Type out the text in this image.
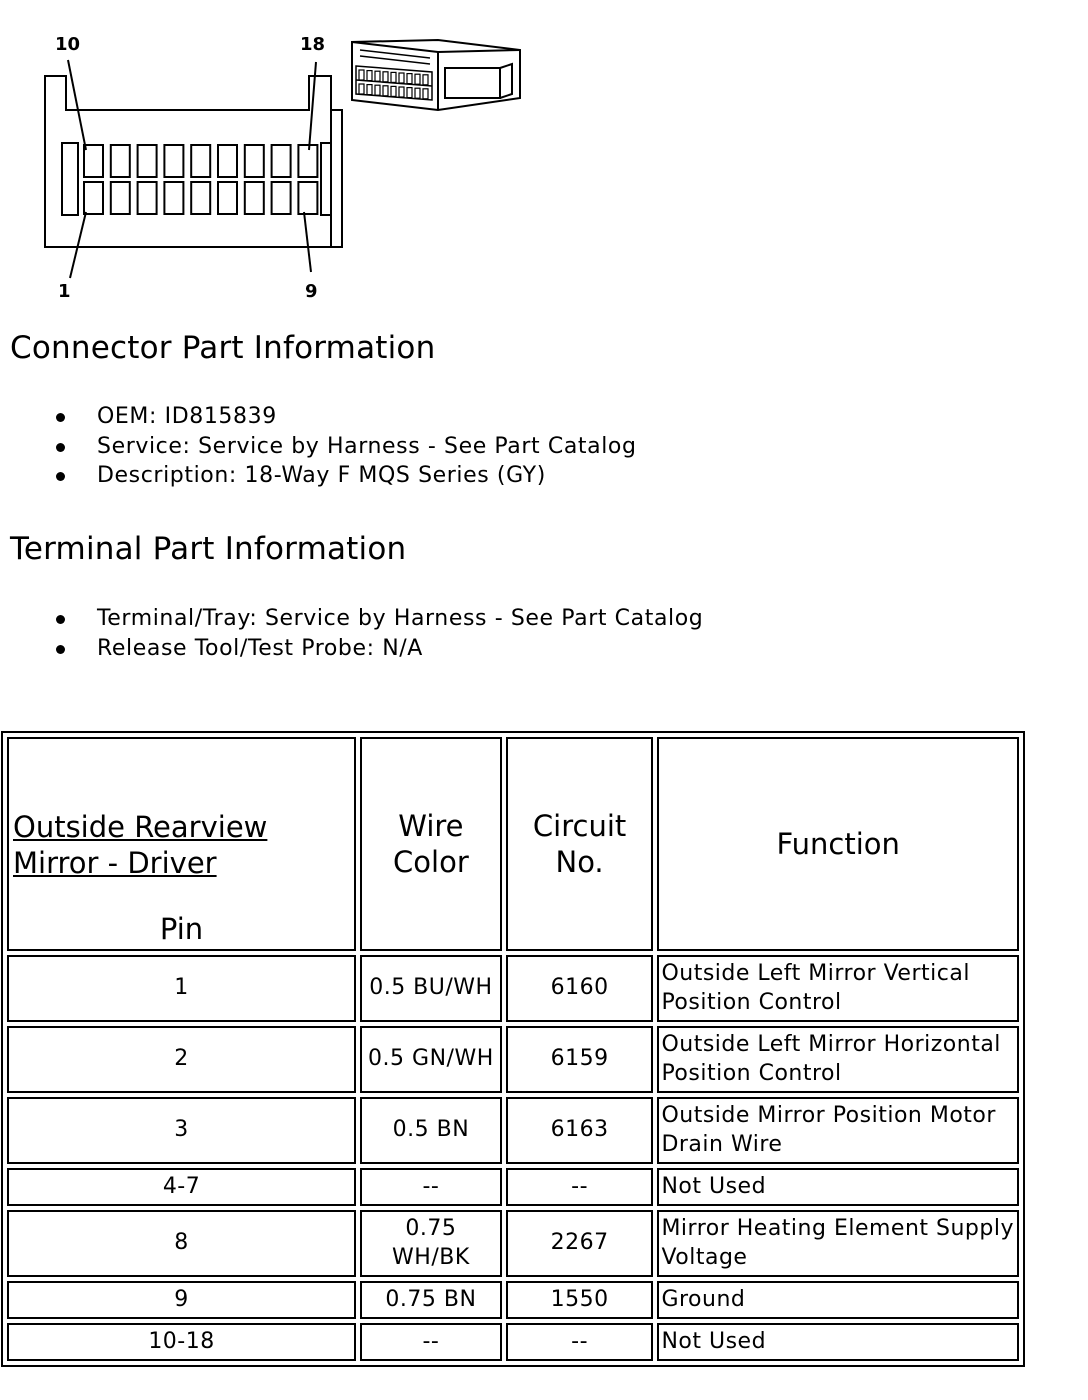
10	18
1	9
Connector Part Information
OEM: ID815839
Service: Service by Harness - See Part Catalog
Description: 18-Way F MQS Series (GY)
Terminal Part Information
Terminal/Tray: Service by Harness - See Part Catalog
Release Tool/Test Probe: N/A
Outside Rearview Mirror - Driver
Pin	Wire Color	Circuit No.	Function
1	0.5 BU/WH	6160	Outside Left Mirror Vertical Position Control
2	0.5 GN/WH	6159	Outside Left Mirror Horizontal Position Control
3	0.5 BN	6163	Outside Mirror Position Motor Drain Wire
4-7	--	--	Not Used
8	0.75 WH/BK	2267	Mirror Heating Element Supply Voltage
9	0.75 BN	1550	Ground
10-18	--	--	Not Used
